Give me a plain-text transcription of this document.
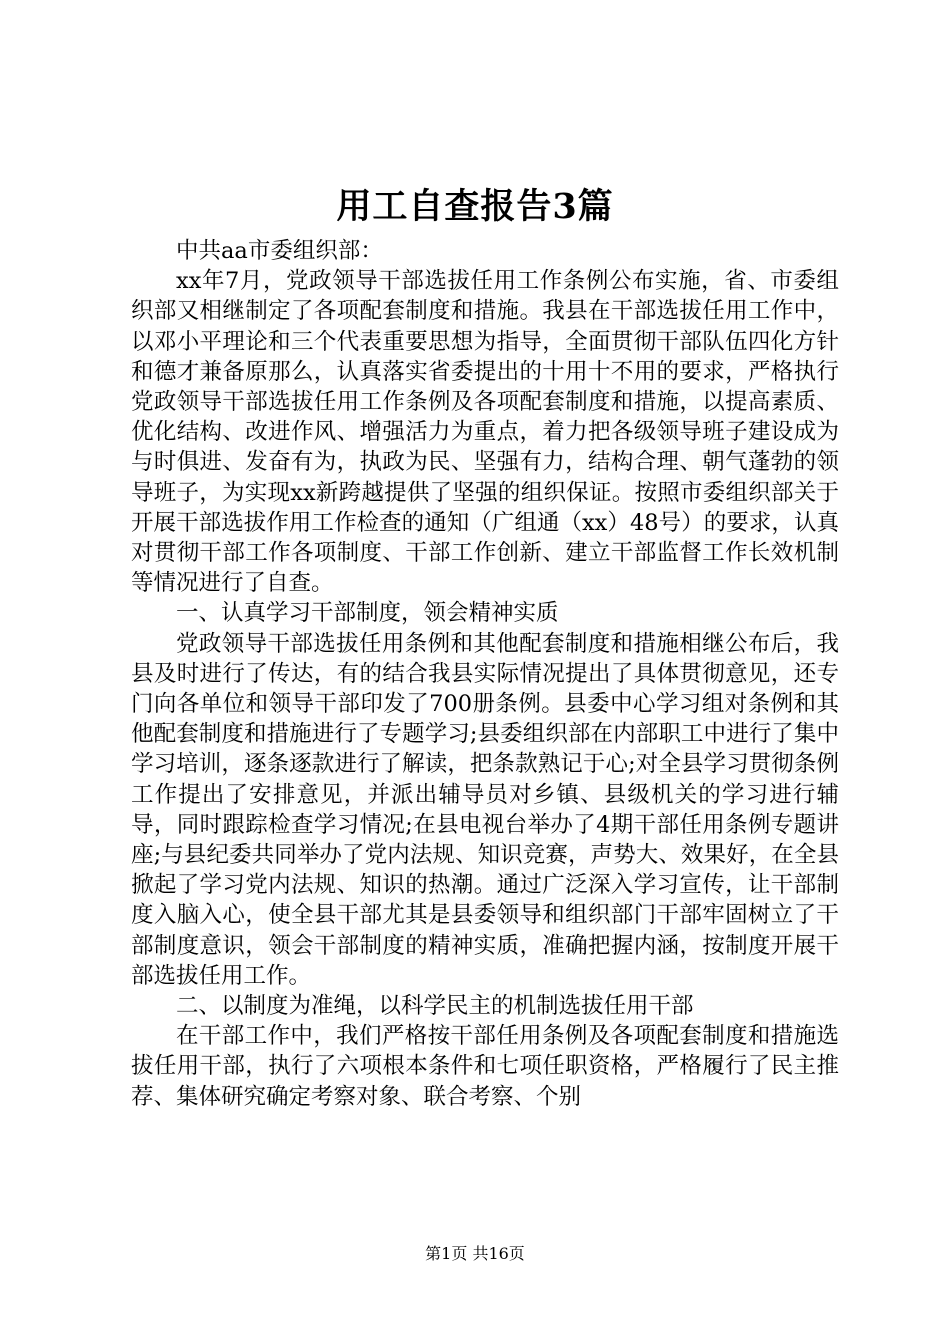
用工自查报告3篇

中共aa市委组织部：

xx年7月，党政领导干部选拔任用工作条例公布实施，省、市委组织部又相继制定了各项配套制度和措施。我县在干部选拔任用工作中，以邓小平理论和三个代表重要思想为指导，全面贯彻干部队伍四化方针和德才兼备原那么，认真落实省委提出的十用十不用的要求，严格执行党政领导干部选拔任用工作条例及各项配套制度和措施，以提高素质、优化结构、改进作风、增强活力为重点，着力把各级领导班子建设成为与时俱进、发奋有为，执政为民、坚强有力，结构合理、朝气蓬勃的领导班子，为实现xx新跨越提供了坚强的组织保证。按照市委组织部关于开展干部选拔作用工作检查的通知（广组通（xx）48号）的要求，认真对贯彻干部工作各项制度、干部工作创新、建立干部监督工作长效机制等情况进行了自查。

一、认真学习干部制度，领会精神实质

党政领导干部选拔任用条例和其他配套制度和措施相继公布后，我县及时进行了传达，有的结合我县实际情况提出了具体贯彻意见，还专门向各单位和领导干部印发了700册条例。县委中心学习组对条例和其他配套制度和措施进行了专题学习;县委组织部在内部职工中进行了集中学习培训，逐条逐款进行了解读，把条款熟记于心;对全县学习贯彻条例工作提出了安排意见，并派出辅导员对乡镇、县级机关的学习进行辅导，同时跟踪检查学习情况;在县电视台举办了4期干部任用条例专题讲座;与县纪委共同举办了党内法规、知识竞赛，声势大、效果好，在全县掀起了学习党内法规、知识的热潮。通过广泛深入学习宣传，让干部制度入脑入心，使全县干部尤其是县委领导和组织部门干部牢固树立了干部制度意识，领会干部制度的精神实质，准确把握内涵，按制度开展干部选拔任用工作。

二、以制度为准绳，以科学民主的机制选拔任用干部

在干部工作中，我们严格按干部任用条例及各项配套制度和措施选拔任用干部，执行了六项根本条件和七项任职资格，严格履行了民主推荐、集体研究确定考察对象、联合考察、个别

第1页 共16页
